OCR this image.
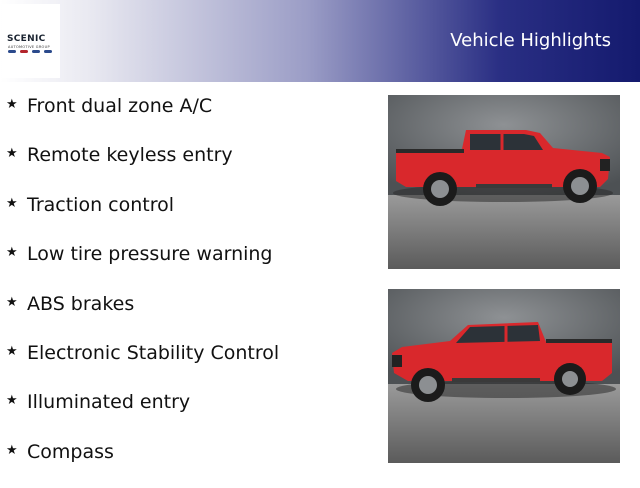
SCENIC
AUTOMOTIVE GROUP	Vehicle Highlights
★ Front dual zone A/C
★ Remote keyless entry
★ Traction control
★ Low tire pressure warning
★ ABS brakes
★ Electronic Stability Control
★ Illuminated entry
★ Compass
